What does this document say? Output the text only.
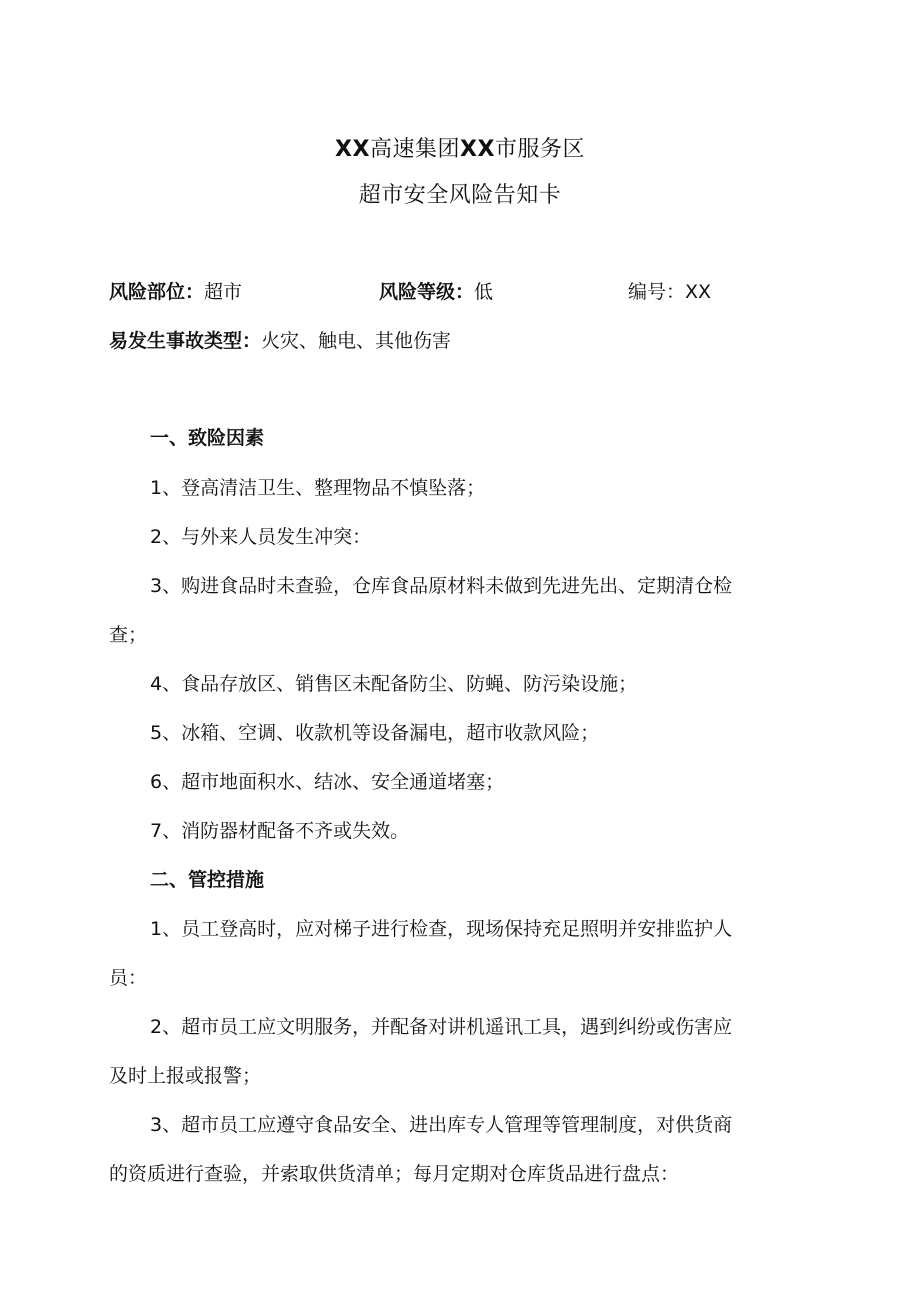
XX高速集团XX市服务区
超市安全风险告知卡
风险部位：超市	风险等级：低	编号：XX
易发生事故类型：火灾、触电、其他伤害
一、致险因素
1、登高清洁卫生、整理物品不慎坠落；
2、与外来人员发生冲突：
3、购进食品时未查验，仓库食品原材料未做到先进先出、定期清仓检
查；
4、食品存放区、销售区未配备防尘、防蝇、防污染设施；
5、冰箱、空调、收款机等设备漏电，超市收款风险；
6、超市地面积水、结冰、安全通道堵塞；
7、消防器材配备不齐或失效。
二、管控措施
1、员工登高时，应对梯子进行检查，现场保持充足照明并安排监护人
员：
2、超市员工应文明服务，并配备对讲机遥讯工具，遇到纠纷或伤害应
及时上报或报警；
3、超市员工应遵守食品安全、进出库专人管理等管理制度，对供货商
的资质进行查验，并索取供货清单；每月定期对仓库货品进行盘点：
